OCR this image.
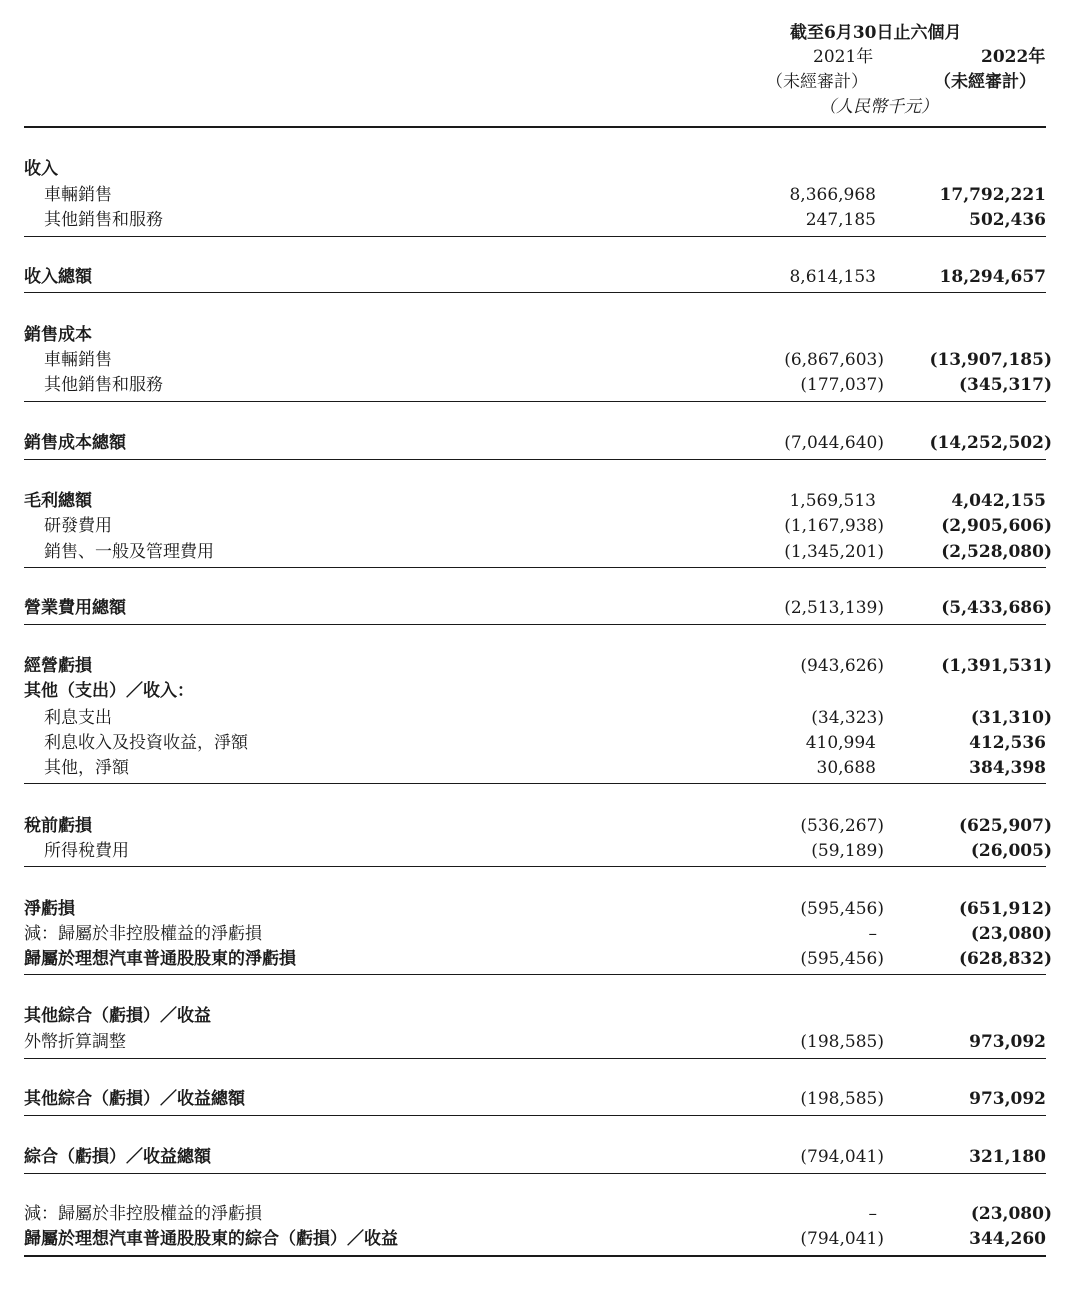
截至6月30日止六個月
2021年	2022年
（未經審計）	（未經審計）
（人民幣千元）
收入
車輛銷售	8,366,968	17,792,221
其他銷售和服務	247,185	502,436
收入總額	8,614,153	18,294,657
銷售成本
車輛銷售	(6,867,603)	(13,907,185)
其他銷售和服務	(177,037)	(345,317)
銷售成本總額	(7,044,640)	(14,252,502)
毛利總額	1,569,513	4,042,155
研發費用	(1,167,938)	(2,905,606)
銷售、一般及管理費用	(1,345,201)	(2,528,080)
營業費用總額	(2,513,139)	(5,433,686)
經營虧損	(943,626)	(1,391,531)
其他（支出）／收入：
利息支出	(34,323)	(31,310)
利息收入及投資收益，淨額	410,994	412,536
其他，淨額	30,688	384,398
稅前虧損	(536,267)	(625,907)
所得稅費用	(59,189)	(26,005)
淨虧損	(595,456)	(651,912)
減：歸屬於非控股權益的淨虧損	–	(23,080)
歸屬於理想汽車普通股股東的淨虧損	(595,456)	(628,832)
其他綜合（虧損）／收益
外幣折算調整	(198,585)	973,092
其他綜合（虧損）／收益總額	(198,585)	973,092
綜合（虧損）／收益總額	(794,041)	321,180
減：歸屬於非控股權益的淨虧損	–	(23,080)
歸屬於理想汽車普通股股東的綜合（虧損）／收益	(794,041)	344,260
